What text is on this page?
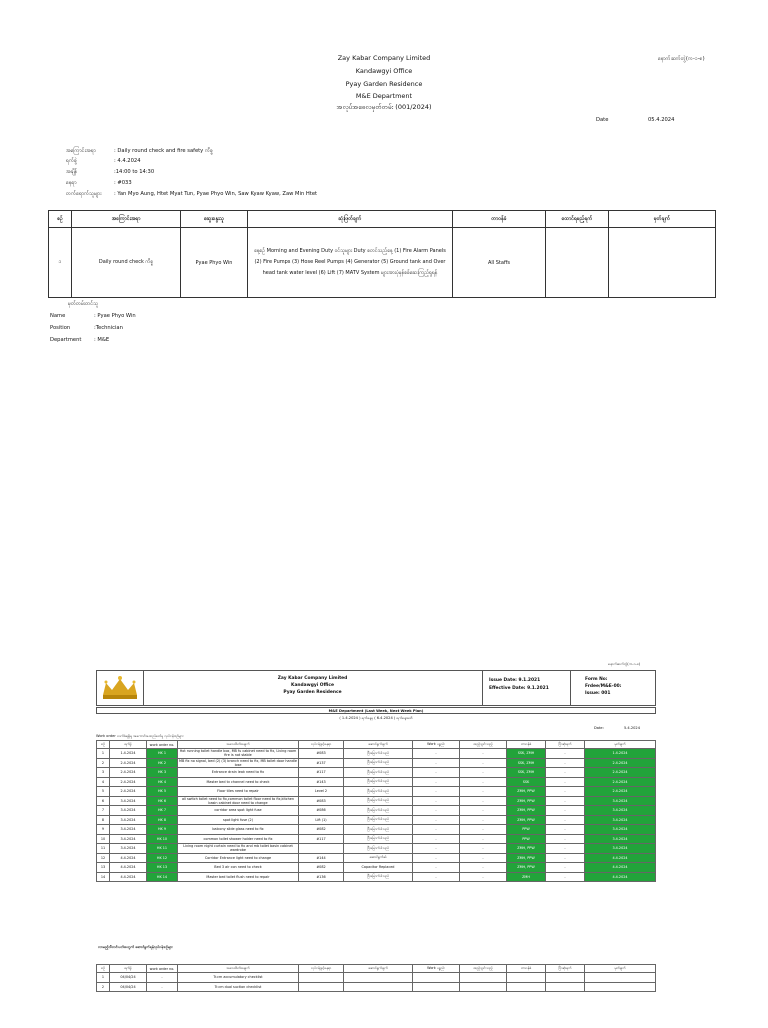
Zay Kabar Company Limited
Kandawgyi Office
Pyay Garden Residence
M&E Department
အလုပ်အဓေလမှတ်တမ်း (001/2024)
နောက်ဆက်တွဲ(က-၁-၈)
Date	05.4.2024
အကြောင်းအရာ	: Daily round check and fire safety ကိစ္စ
ရက်စွဲ	: 4.4.2024
အချိန်	:14:00 to 14:30
နေရာ	: #033
တက်ရောက်သူများ : Yan Myo Aung, Htet Myat Tun, Pyae Phyo Win, Saw Kyaw Kyaw, Zaw Min Htet
စဉ်	အကြောင်းအရာ	ဆွေးနွေးသူ	ဆုံးဖြတ်ချက်	တာဝန်ခံ	ထောင်ရမည့်ရက်	မှတ်ချက်
၁	Daily round check ကိစ္စ	Pyae Phyo Win	နေ့စဉ် Morning and Evening Duty ဝင်သူများ Duty စတင်သည့်နေ့ (1) Fire Alarm Panels (2) Fire Pumps (3) Hose Reel Pumps (4) Generator (5) Ground tank and Over head tank water level (6) Lift (7) MATV System များအားပုံမှန်စစ်ဆေးကြည့်ရှုရန်	All Staffs		
မှတ်တမ်းတင်သူ
Name	: Pyae Phyo Win
Position	:Technician
Department : M&E
နောက်ဆက်တွဲ(က-၁-၈)
Zay Kabar Company Limited
Kandawgyi Office
Pyay Garden Residence
Issue Date: 9.1.2021
Effective Date: 9.1.2021
Form No:
Frdee/M&E-00:
Issue: 001
M&E Department (Last Week, Next Week Plan)
( 1.4.2024 ) ရက်နေ့မှ ( 6.4.2024 ) ရက်နေ့အထိ
Date:	5.4.2024
Work order လက်ခံရရှိမှု အကောင်အထည်ဖော်မှု လုပ်ငန်းစဉ်များ
စဉ်	ရက်စွဲ	work order no.	အသေးစိတ်အချက်	လုပ်ငန်းခွင့်နေရာ	ဆောင်ရွက်ချက်	Work ပစ္စည်း	ထည့်သွင်းသည့်	တာဝန်ခံ	ပြီးဆုံးရက်	မှတ်ချက်
1	1.4.2024	HK 1	Hot running toilet handle box, MB fu cabinet need to fix, Living room fire is not stable	#083	ပြီးမြောက်ပါသည်	-	-	SSK, ZMH	-	1.4.2024
2	2.4.2024	HK 2	MB fix no signal, bed (2) (3) branch need to fix, MB toilet door handle lose	#137	ပြီးမြောက်ပါသည်	-	-	SSK, ZMH	-	2.4.2024
3	2.4.2024	HK 3	Entrance drain leak need to fix	#117	ပြီးမြောက်ပါသည်	-	-	SSK, ZMH	-	2.4.2024
4	2.4.2024	HK 4	Master bed tv channel need to check	#143	ပြီးမြောက်ပါသည်	-	-	SSK	-	2.4.2024
5	2.4.2024	HK 5	Floor tiles need to repair	Level 2	ပြီးမြောက်ပါသည်	-	-	ZMH, PPW	-	2.4.2024
6	3.4.2024	HK 6	all switch toilet need to fix,common toilet floor need to fix,kitchen basin cabinet door need to change	#083	ပြီးမြောက်ပါသည်	-	-	ZMH, PPW	-	3.4.2024
7	3.4.2024	HK 7	corridor area spot light fuse	#086	ပြီးမြောက်ပါသည်	-	-	ZMH, PPW	-	3.4.2024
8	3.4.2024	HK 8	spot light fuse (2)	Lift (1)	ပြီးမြောက်ပါသည်	-	-	ZMH, PPW	-	3.4.2024
9	3.4.2024	HK 9	balcony slide glass need to fix	#082	ပြီးမြောက်ပါသည်	-	-	PPW	-	3.4.2024
10	3.4.2024	HK 10	common toilet shower holder need to fix	#117	ပြီးမြောက်ပါသည်	-	-	PPW	-	3.4.2024
11	3.4.2024	HK 11	Living room night curtain need to fix and mb toilet basin cabinet wardrobe		ပြီးမြောက်ပါသည်	-	-	ZMH, PPW	-	3.4.2024
12	4.4.2024	HK 12	Corridor Entrance light need to change	#144	ဆောင်ရွက်ဆဲ	-	-	ZMH, PPW	-	4.4.2024
13	4.4.2024	HK 13	Bed 3 air con need to check	#082	Capacitor Replaced	-	-	ZMH, PPW	-	4.4.2024
14	4.4.2024	HK 14	Master bed toilet flush need to repair	#136	ပြီးမြောက်ပါသည်	-	-	ZMH	-	4.4.2024
လာမည့်သီတင်းပတ်အတွက် ဆောင်ရွက်ရန်လုပ်ငန်းစဉ်များ
စဉ်	ရက်စွဲ	work order no.	အသေးစိတ်အချက်	လုပ်ငန်းခွင့်နေရာ	ဆောင်ရွက်ချက်	Work ပစ္စည်း	ထည့်သွင်းသည့်	တာဝန်ခံ	ပြီးဆုံးရက်	မှတ်ချက်
1	04/04/24	-	Tr.cm accumulatory checklist							
2	04/04/24	-	Tr.cm dual suction checklist							
